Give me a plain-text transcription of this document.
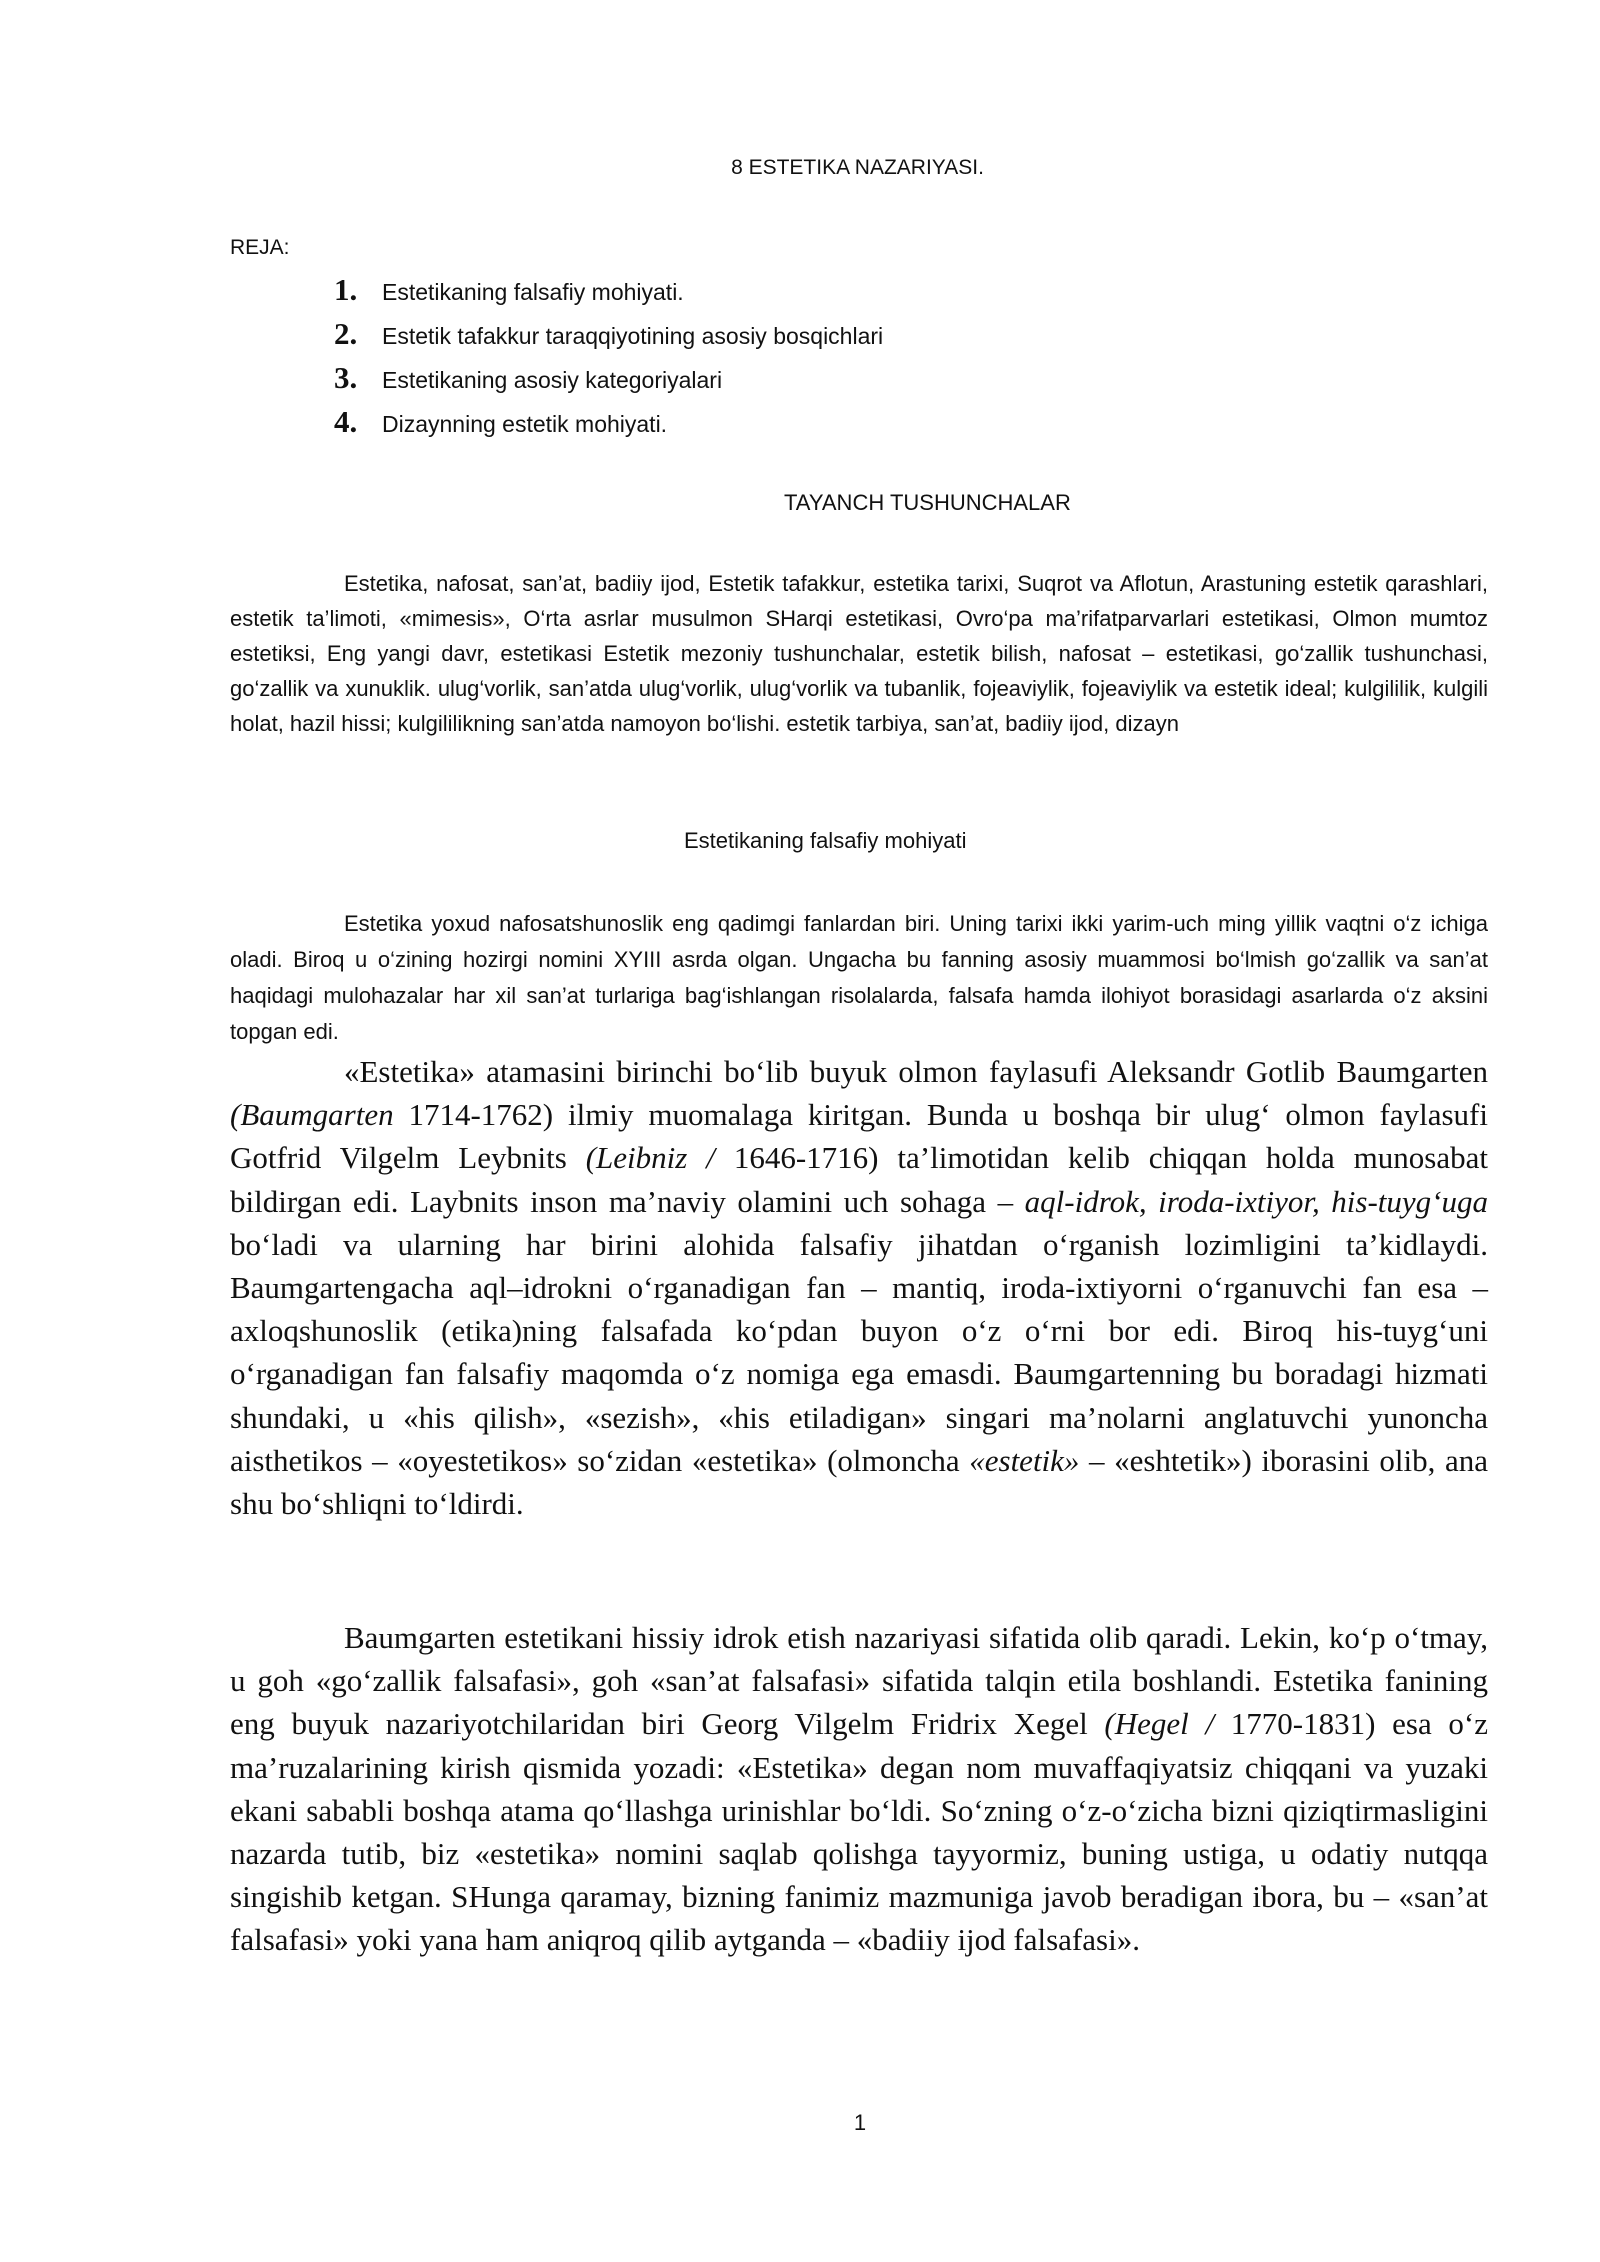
8 ESTETIKA NAZARIYASI.
REJA:
1.	Estetikaning falsafiy mohiyati.
2.	Estetik tafakkur taraqqiyotining asosiy bosqichlari
3.	Estetikaning asosiy kategoriyalari
4.	Dizaynning estetik mohiyati.
TAYANCH TUSHUNCHALAR

Estetika, nafosat, san’at, badiiy ijod, Estetik tafakkur, estetika tarixi, Suqrot va Aflotun, Arastuning estetik qarashlari, estetik ta’limoti, «mimesis», O‘rta asrlar musulmon SHarqi estetikasi, Ovro‘pa ma’rifatparvarlari estetikasi, Olmon mumtoz estetiksi, Eng yangi davr, estetikasi Estetik mezoniy tushunchalar, estetik bilish, nafosat – estetikasi, go‘zallik tushunchasi, go‘zallik va xunuklik. ulug‘vorlik, san’atda ulug‘vorlik, ulug‘vorlik va tubanlik, fojeaviylik, fojeaviylik va estetik ideal; kulgililik, kulgili holat, hazil hissi; kulgililikning san’atda namoyon bo‘lishi. estetik tarbiya, san’at, badiiy ijod, dizayn

Estetikaning falsafiy mohiyati

Estetika yoxud nafosatshunoslik eng qadimgi fanlardan biri. Uning tarixi ikki yarim-uch ming yillik vaqtni o‘z ichiga oladi. Biroq u o‘zining hozirgi nomini XYIII asrda olgan. Ungacha bu fanning asosiy muammosi bo‘lmish go‘zallik va san’at haqidagi mulohazalar har xil san’at turlariga bag‘ishlangan risolalarda, falsafa hamda ilohiyot borasidagi asarlarda o‘z aksini topgan edi.

«Estetika» atamasini birinchi bo‘lib buyuk olmon faylasufi Aleksandr Gotlib Baumgarten (Baumgarten 1714-1762) ilmiy muomalaga kiritgan. Bunda u boshqa bir ulug‘ olmon faylasufi Gotfrid Vilgelm Leybnits (Leibniz / 1646-1716) ta’limotidan kelib chiqqan holda munosabat bildirgan edi. Laybnits inson ma’naviy olamini uch sohaga – aql-idrok, iroda-ixtiyor, his-tuyg‘uga bo‘ladi va ularning har birini alohida falsafiy jihatdan o‘rganish lozimligini ta’kidlaydi. Baumgartengacha aql–idrokni o‘rganadigan fan – mantiq, iroda-ixtiyorni o‘rganuvchi fan esa – axloqshunoslik (etika)ning falsafada ko‘pdan buyon o‘z o‘rni bor edi. Biroq his-tuyg‘uni o‘rganadigan fan falsafiy maqomda o‘z nomiga ega emasdi. Baumgartenning bu boradagi hizmati shundaki, u «his qilish», «sezish», «his etiladigan» singari ma’nolarni anglatuvchi yunoncha aisthetikos – «oyestetikos» so‘zidan «estetika» (olmoncha «estetik» – «eshtetik») iborasini olib, ana shu bo‘shliqni to‘ldirdi.

Baumgarten estetikani hissiy idrok etish nazariyasi sifatida olib qaradi. Lekin, ko‘p o‘tmay, u goh «go‘zallik falsafasi», goh «san’at falsafasi» sifatida talqin etila boshlandi. Estetika fanining eng buyuk nazariyotchilaridan biri Georg Vilgelm Fridrix Xegel (Hegel / 1770-1831) esa o‘z ma’ruzalarining kirish qismida yozadi: «Estetika» degan nom muvaffaqiyatsiz chiqqani va yuzaki ekani sababli boshqa atama qo‘llashga urinishlar bo‘ldi. So‘zning o‘z-o‘zicha bizni qiziqtirmasligini nazarda tutib, biz «estetika» nomini saqlab qolishga tayyormiz, buning ustiga, u odatiy nutqqa singishib ketgan. SHunga qaramay, bizning fanimiz mazmuniga javob beradigan ibora, bu – «san’at falsafasi» yoki yana ham aniqroq qilib aytganda – «badiiy ijod falsafasi».

1
